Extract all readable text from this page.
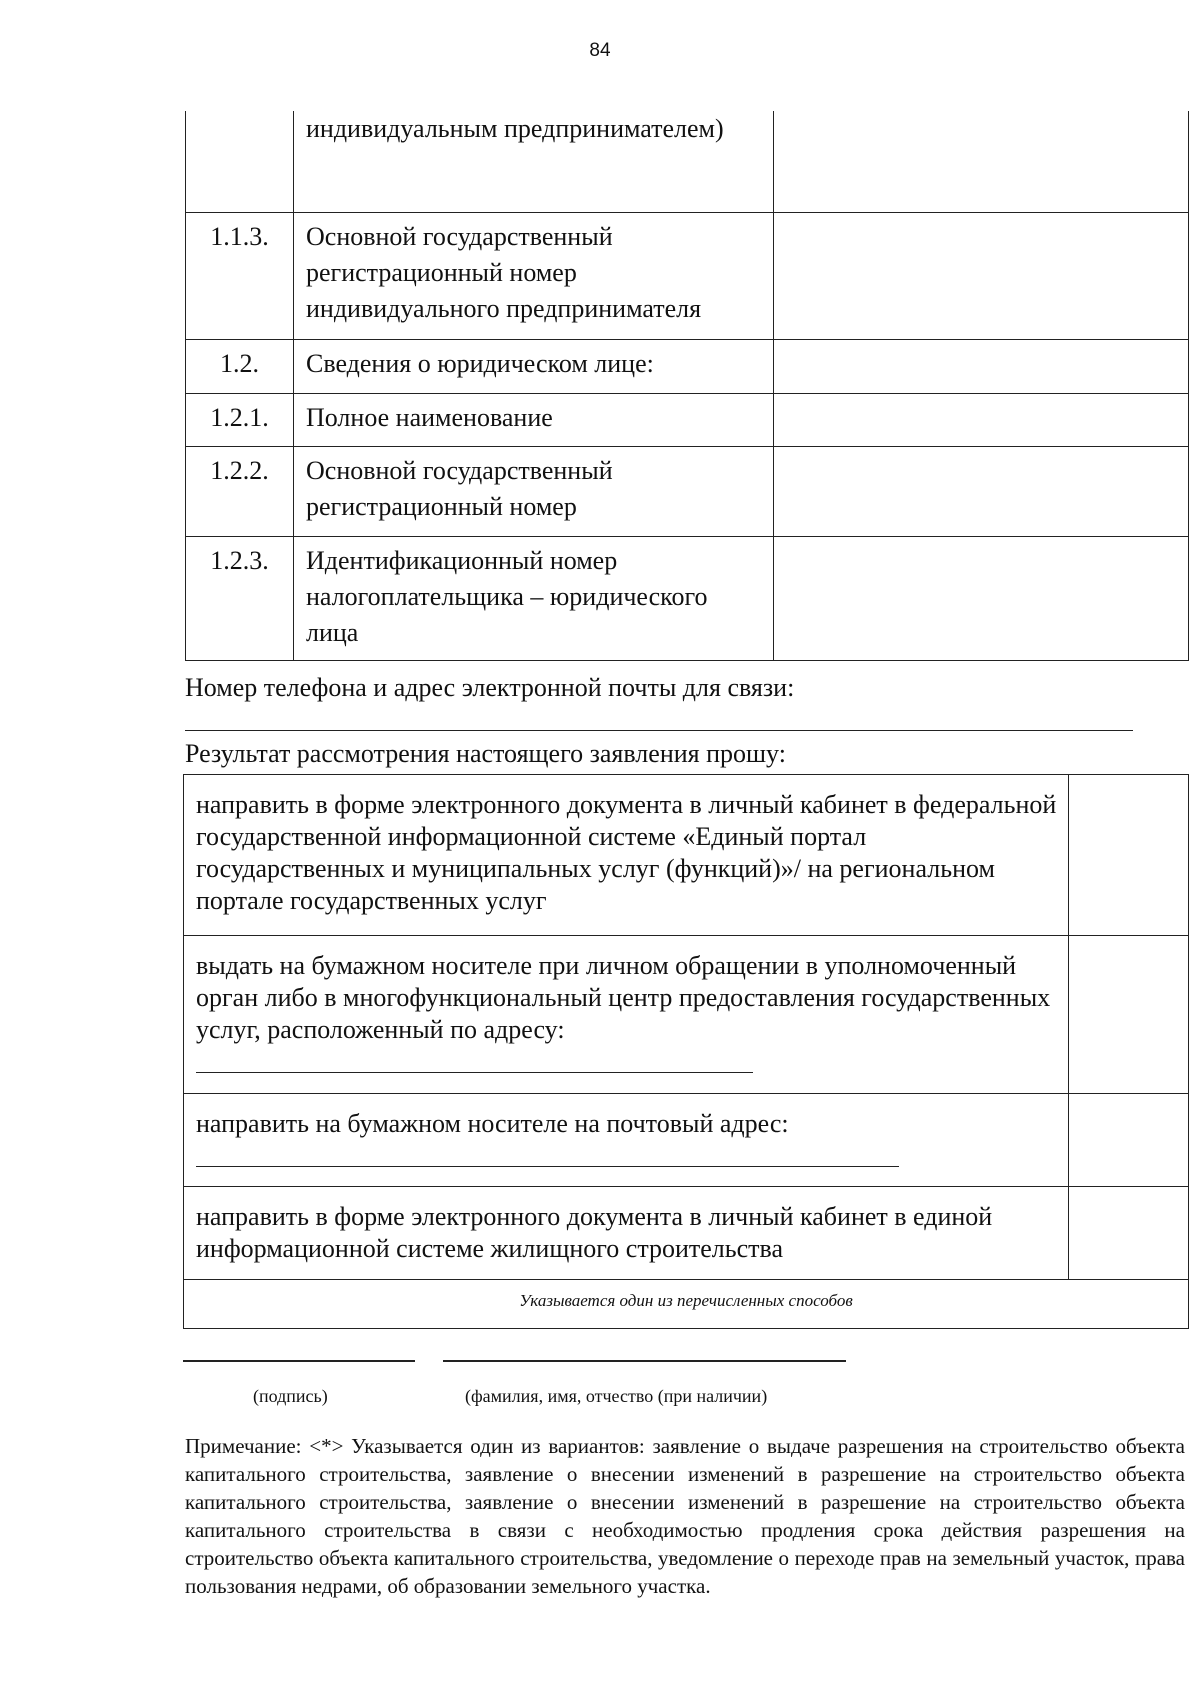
84
	индивидуальным предпринимателем)	
1.1.3.	Основной государственный регистрационный номер индивидуального предпринимателя	
1.2.	Сведения о юридическом лице:	
1.2.1.	Полное наименование	
1.2.2.	Основной государственный регистрационный номер	
1.2.3.	Идентификационный номер налогоплательщика – юридического лица	
Номер телефона и адрес электронной почты для связи:
Результат рассмотрения настоящего заявления прошу:
направить в форме электронного документа в личный кабинет в федеральной государственной информационной системе «Единый портал государственных и муниципальных услуг (функций)»/ на региональном портале государственных услуг	
выдать на бумажном носителе при личном обращении в уполномоченный орган либо в многофункциональный центр предоставления государственных услуг, расположенный по адресу:	

направить на бумажном носителе на почтовый адрес:	

направить в форме электронного документа в личный кабинет в единой информационной системе жилищного строительства	
Указывается один из перечисленных способов	
(подпись)	(фамилия, имя, отчество (при наличии)
Примечание: <*> Указывается один из вариантов: заявление о выдаче разрешения на строительство объекта капитального строительства, заявление о внесении изменений в разрешение на строительство объекта капитального строительства, заявление о внесении изменений в разрешение на строительство объекта капитального строительства в связи с необходимостью продления срока действия разрешения на строительство объекта капитального строительства, уведомление о переходе прав на земельный участок, права пользования недрами, об образовании земельного участка.
